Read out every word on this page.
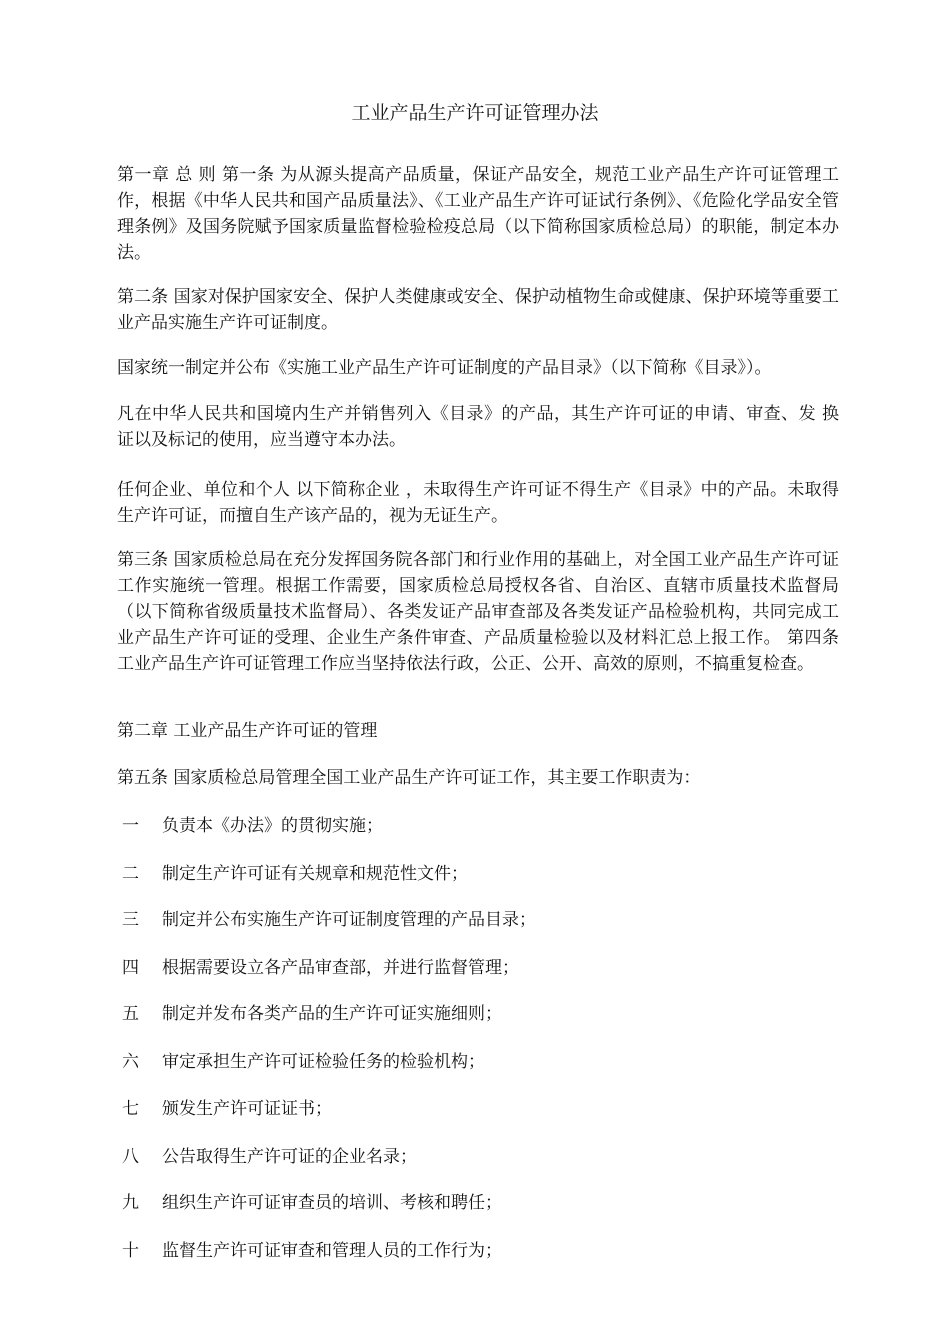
工业产品生产许可证管理办法

第一章 总 则 第一条 为从源头提高产品质量，保证产品安全，规范工业产品生产许可证管理工作，根据《中华人民共和国产品质量法》、《工业产品生产许可证试行条例》、《危险化学品安全管理条例》及国务院赋予国家质量监督检验检疫总局（以下简称国家质检总局）的职能，制定本办法。

第二条 国家对保护国家安全、保护人类健康或安全、保护动植物生命或健康、保护环境等重要工业产品实施生产许可证制度。

国家统一制定并公布《实施工业产品生产许可证制度的产品目录》（以下简称《目录》）。

凡在中华人民共和国境内生产并销售列入《目录》的产品，其生产许可证的申请、审查、发 换 证以及标记的使用，应当遵守本办法。

任何企业、单位和个人 以下简称企业 ，未取得生产许可证不得生产《目录》中的产品。未取得生产许可证，而擅自生产该产品的，视为无证生产。

第三条 国家质检总局在充分发挥国务院各部门和行业作用的基础上，对全国工业产品生产许可证工作实施统一管理。根据工作需要，国家质检总局授权各省、自治区、直辖市质量技术监督局（以下简称省级质量技术监督局）、各类发证产品审查部及各类发证产品检验机构，共同完成工业产品生产许可证的受理、企业生产条件审查、产品质量检验以及材料汇总上报工作。 第四条 工业产品生产许可证管理工作应当坚持依法行政，公正、公开、高效的原则，不搞重复检查。

第二章 工业产品生产许可证的管理

第五条 国家质检总局管理全国工业产品生产许可证工作，其主要工作职责为：

一 负责本《办法》的贯彻实施；
二 制定生产许可证有关规章和规范性文件；
三 制定并公布实施生产许可证制度管理的产品目录；
四 根据需要设立各产品审查部，并进行监督管理；
五 制定并发布各类产品的生产许可证实施细则；
六 审定承担生产许可证检验任务的检验机构；
七 颁发生产许可证证书；
八 公告取得生产许可证的企业名录；
九 组织生产许可证审查员的培训、考核和聘任；
十 监督生产许可证审查和管理人员的工作行为；
